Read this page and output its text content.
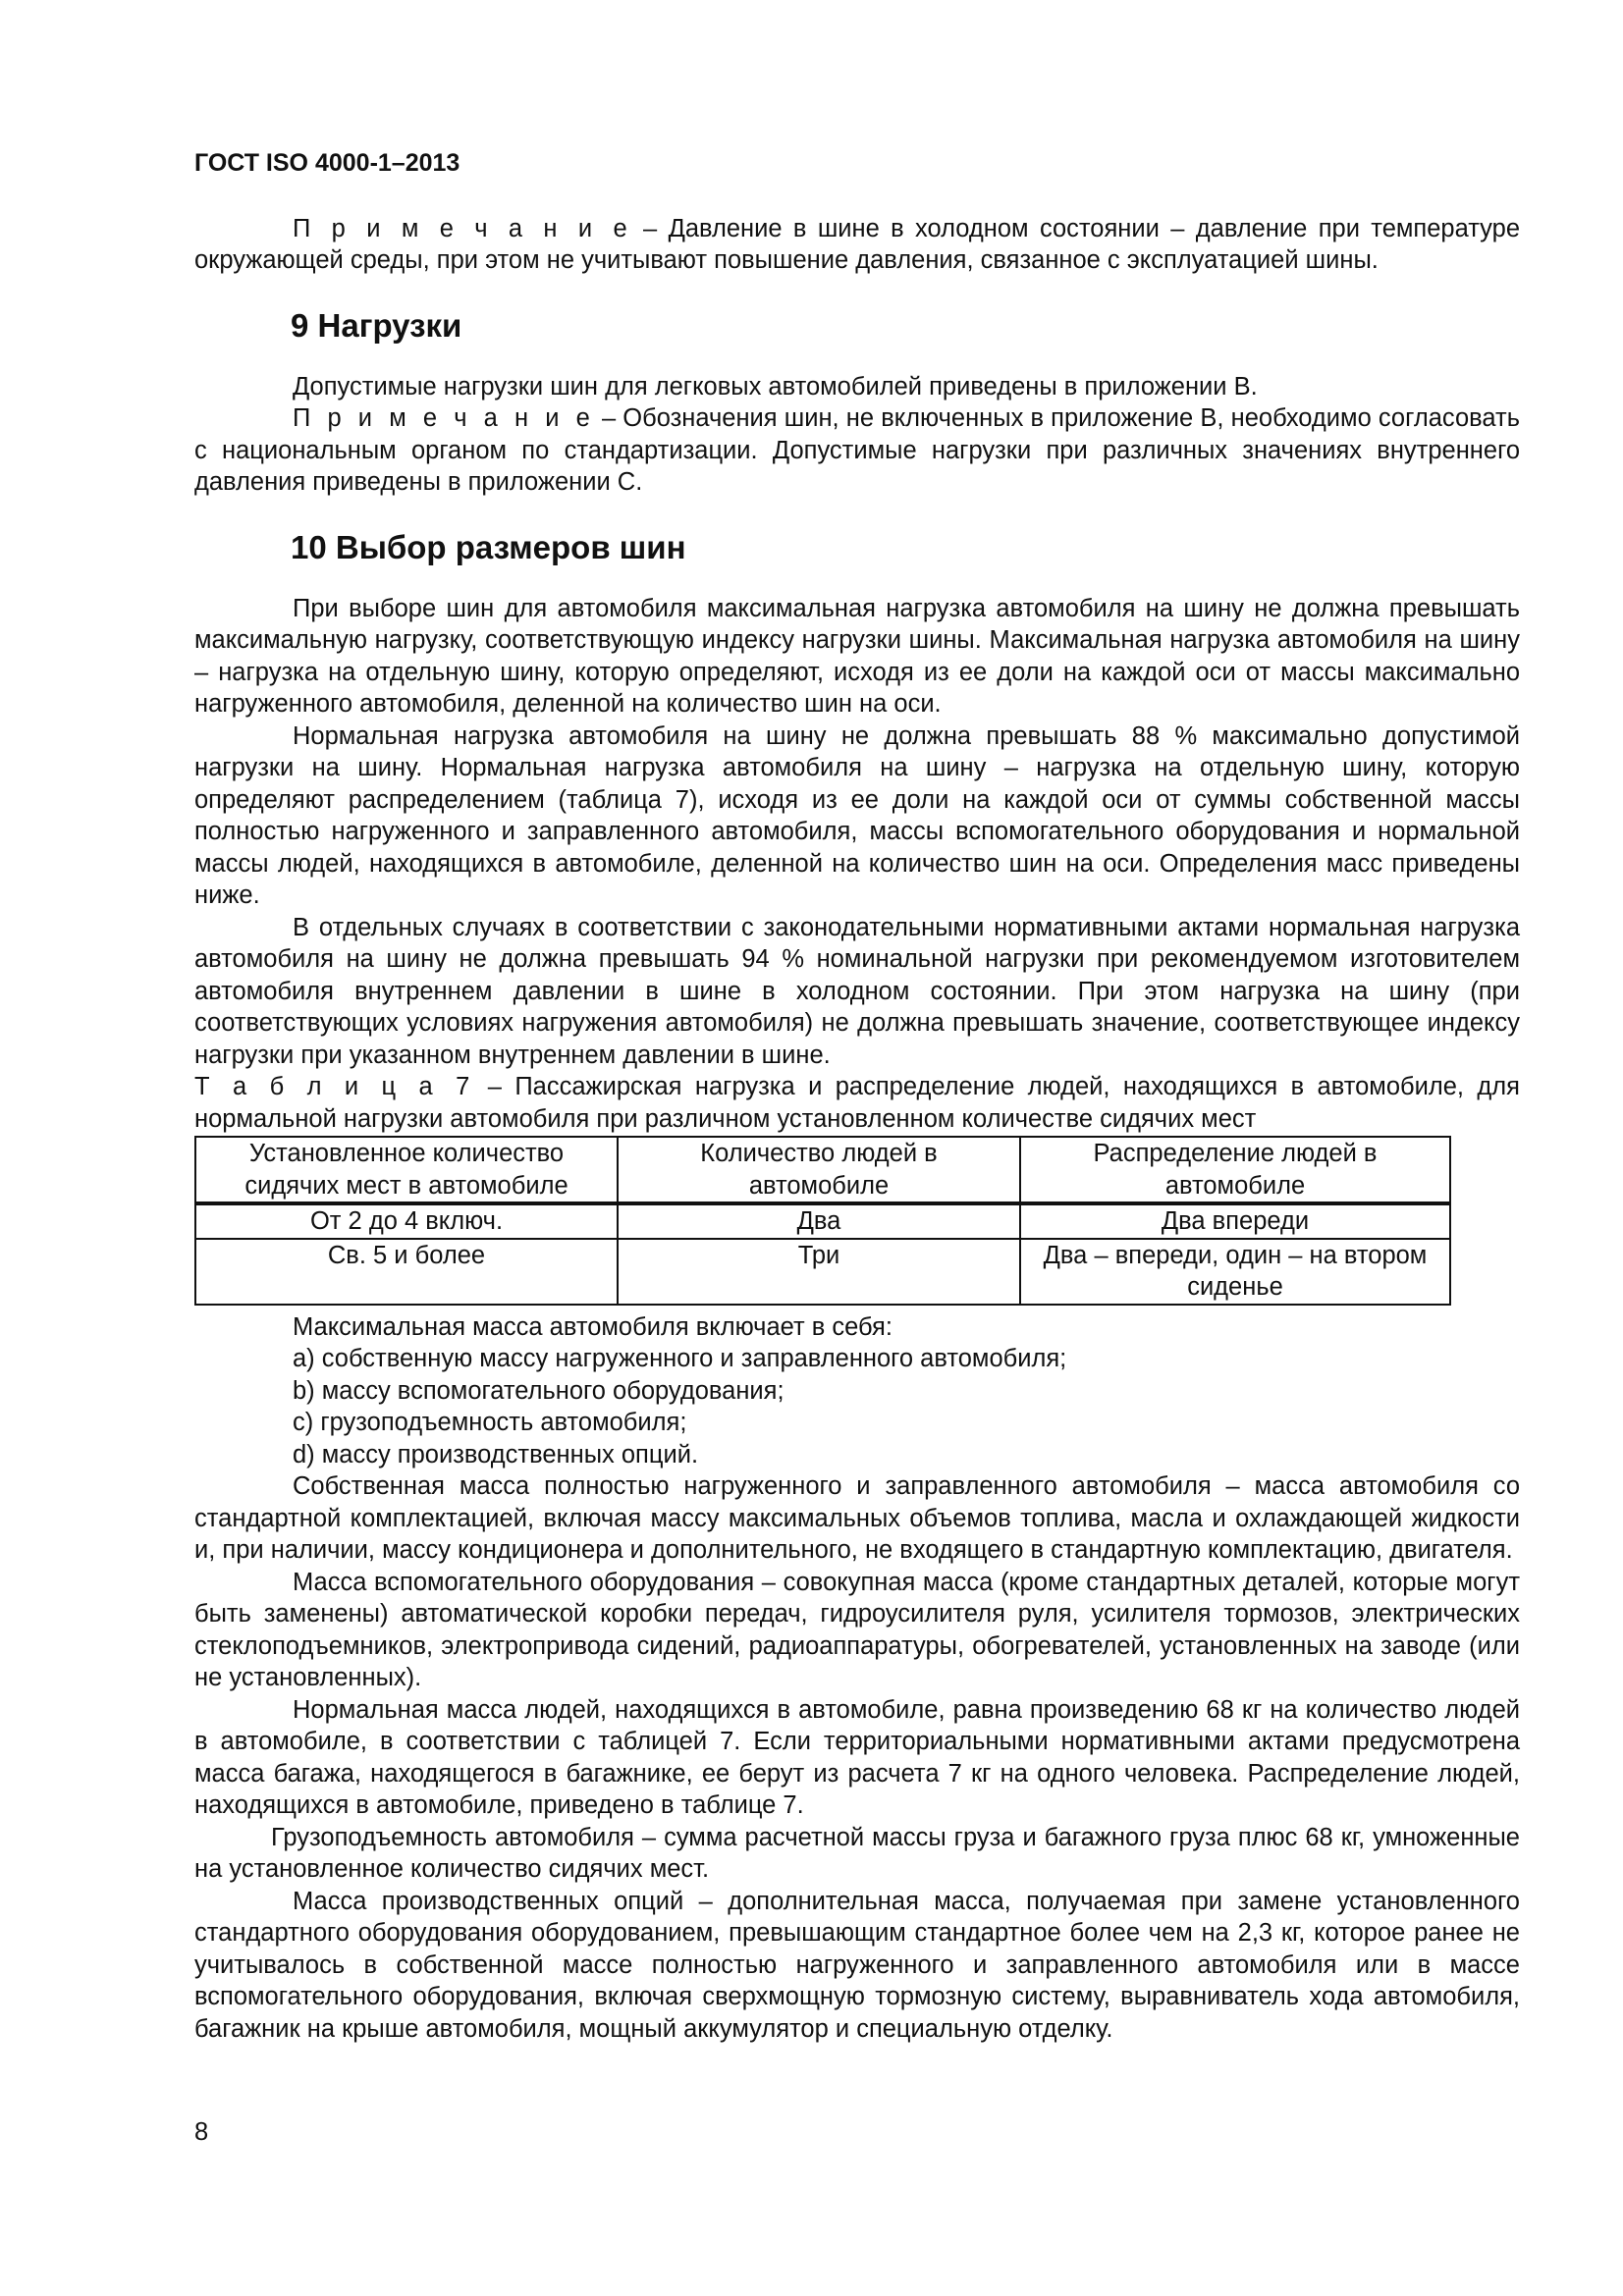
ГОСТ ISO 4000-1–2013

П р и м е ч а н и е – Давление в шине в холодном состоянии – давление при температуре окружающей среды, при этом не учитывают повышение давления, связанное с эксплуатацией шины.

9 Нагрузки

Допустимые нагрузки шин для легковых автомобилей приведены в приложении B.

П р и м е ч а н и е – Обозначения шин, не включенных в приложение B, необходимо согласовать с национальным органом по стандартизации. Допустимые нагрузки при различных значениях внутреннего давления приведены в приложении C.

10 Выбор размеров шин

При выборе шин для автомобиля максимальная нагрузка автомобиля на шину не должна превышать максимальную нагрузку, соответствующую индексу нагрузки шины. Максимальная нагрузка автомобиля на шину – нагрузка на отдельную шину, которую определяют, исходя из ее доли на каждой оси от массы максимально нагруженного автомобиля, деленной на количество шин на оси.

Нормальная нагрузка автомобиля на шину не должна превышать 88 % максимально допустимой нагрузки на шину. Нормальная нагрузка автомобиля на шину – нагрузка на отдельную шину, которую определяют распределением (таблица 7), исходя из ее доли на каждой оси от суммы собственной массы полностью нагруженного и заправленного автомобиля, массы вспомогательного оборудования и нормальной массы людей, находящихся в автомобиле, деленной на количество шин на оси. Определения масс приведены ниже.

В отдельных случаях в соответствии с законодательными нормативными актами нормальная нагрузка автомобиля на шину не должна превышать 94 % номинальной нагрузки при рекомендуемом изготовителем автомобиля внутреннем давлении в шине в холодном состоянии. При этом нагрузка на шину (при соответствующих условиях нагружения автомобиля) не должна превышать значение, соответствующее индексу нагрузки при указанном внутреннем давлении в шине.

Т а б л и ц а 7 – Пассажирская нагрузка и распределение людей, находящихся в автомобиле, для нормальной нагрузки автомобиля при различном установленном количестве сидячих мест

Установленное количество сидячих мест в автомобиле	Количество людей в автомобиле	Распределение людей в автомобиле
От 2 до 4 включ.	Два	Два впереди
Св. 5 и более	Три	Два – впереди, один – на втором сиденье

Максимальная масса автомобиля включает в себя:

a) собственную массу нагруженного и заправленного автомобиля;

b) массу вспомогательного оборудования;

c) грузоподъемность автомобиля;

d) массу производственных опций.

Собственная масса полностью нагруженного и заправленного автомобиля – масса автомобиля со стандартной комплектацией, включая массу максимальных объемов топлива, масла и охлаждающей жидкости и, при наличии, массу кондиционера и дополнительного, не входящего в стандартную комплектацию, двигателя.

Масса вспомогательного оборудования – совокупная масса (кроме стандартных деталей, которые могут быть заменены) автоматической коробки передач, гидроусилителя руля, усилителя тормозов, электрических стеклоподъемников, электропривода сидений, радиоаппаратуры, обогревателей, установленных на заводе (или не установленных).

Нормальная масса людей, находящихся в автомобиле, равна произведению 68 кг на количество людей в автомобиле, в соответствии с таблицей 7. Если территориальными нормативными актами предусмотрена масса багажа, находящегося в багажнике, ее берут из расчета 7 кг на одного человека. Распределение людей, находящихся в автомобиле, приведено в таблице 7.

Грузоподъемность автомобиля – сумма расчетной массы груза и багажного груза плюс 68 кг, умноженные на установленное количество сидячих мест.

Масса производственных опций – дополнительная масса, получаемая при замене установленного стандартного оборудования оборудованием, превышающим стандартное более чем на 2,3 кг, которое ранее не учитывалось в собственной массе полностью нагруженного и заправленного автомобиля или в массе вспомогательного оборудования, включая сверхмощную тормозную систему, выравниватель хода автомобиля, багажник на крыше автомобиля, мощный аккумулятор и специальную отделку.

8
